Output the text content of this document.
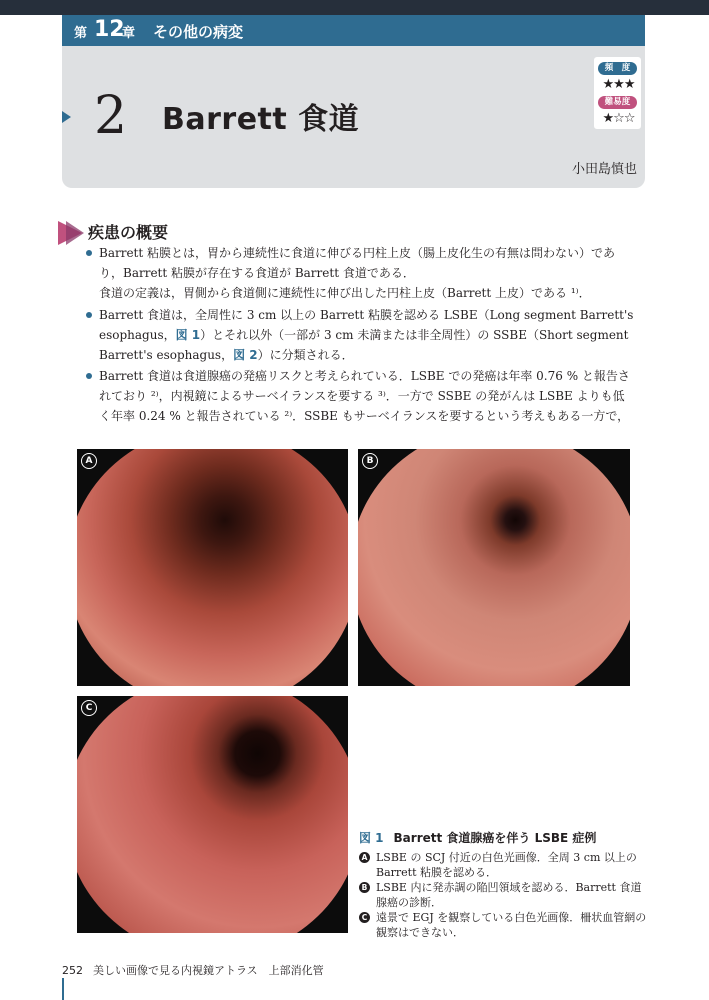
第 12
章 その他の病変
2 Barrett 食道
小田島慎也
頻　度
★★★
難易度
★☆☆
疾患の概要
Barrett 粘膜とは，胃から連続性に食道に伸びる円柱上皮（腸上皮化生の有無は問わない）であ
り，Barrett 粘膜が存在する食道が Barrett 食道である．
食道の定義は，胃側から食道側に連続性に伸び出した円柱上皮（Barrett 上皮）である ¹⁾．
Barrett 食道は，全周性に 3 cm 以上の Barrett 粘膜を認める LSBE（Long segment Barrett's
esophagus，図 1）とそれ以外（一部が 3 cm 未満または非全周性）の SSBE（Short segment
Barrett's esophagus，図 2）に分類される．
Barrett 食道は食道腺癌の発癌リスクと考えられている．LSBE での発癌は年率 0.76 % と報告さ
れており ²⁾，内視鏡によるサーベイランスを要する ³⁾．一方で SSBE の発がんは LSBE よりも低
く年率 0.24 % と報告されている ²⁾．SSBE もサーベイランスを要するという考えもある一方で，
A	B
C
図 1 Barrett 食道腺癌を伴う LSBE 症例
A LSBE の SCJ 付近の白色光画像．全周 3 cm 以上の
Barrett 粘膜を認める．
B LSBE 内に発赤調の陥凹領域を認める．Barrett 食道
腺癌の診断．
C 遠景で EGJ を観察している白色光画像．柵状血管網の
観察はできない．
252 美しい画像で見る内視鏡アトラス　上部消化管
